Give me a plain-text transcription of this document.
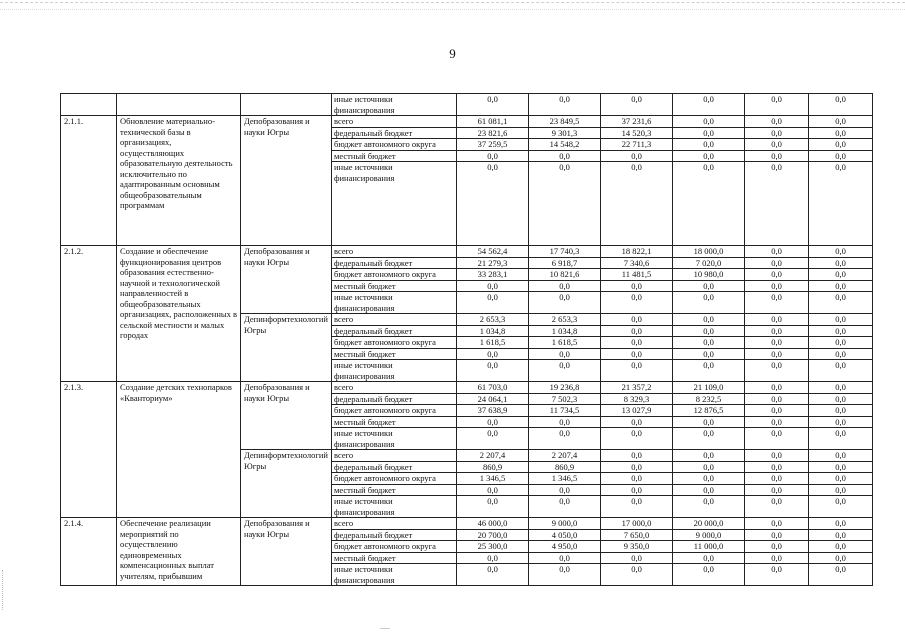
9
			иные источники финансирования	0,0	0,0	0,0	0,0	0,0	0,0
2.1.1.	Обновление материально-технической базы в организациях, осуществляющих образовательную деятельность исключительно по адаптированным основным общеобразовательным программам	Депобразования и науки Югры	всего	61 081,1	23 849,5	37 231,6	0,0	0,0	0,0
			федеральный бюджет	23 821,6	9 301,3	14 520,3	0,0	0,0	0,0
			бюджет автономного округа	37 259,5	14 548,2	22 711,3	0,0	0,0	0,0
			местный бюджет	0,0	0,0	0,0	0,0	0,0	0,0
			иные источники финансирования	0,0	0,0	0,0	0,0	0,0	0,0
2.1.2.	Создание и обеспечение функционирования центров образования естественно-научной и технологической направленностей в общеобразовательных организациях, расположенных в сельской местности и малых городах	Депобразования и науки Югры	всего	54 562,4	17 740,3	18 822,1	18 000,0	0,0	0,0
			федеральный бюджет	21 279,3	6 918,7	7 340,6	7 020,0	0,0	0,0
			бюджет автономного округа	33 283,1	10 821,6	11 481,5	10 980,0	0,0	0,0
			местный бюджет	0,0	0,0	0,0	0,0	0,0	0,0
			иные источники финансирования	0,0	0,0	0,0	0,0	0,0	0,0
		Депинформтехнологий Югры	всего	2 653,3	2 653,3	0,0	0,0	0,0	0,0
			федеральный бюджет	1 034,8	1 034,8	0,0	0,0	0,0	0,0
			бюджет автономного округа	1 618,5	1 618,5	0,0	0,0	0,0	0,0
			местный бюджет	0,0	0,0	0,0	0,0	0,0	0,0
			иные источники финансирования	0,0	0,0	0,0	0,0	0,0	0,0
2.1.3.	Создание детских технопарков «Кванториум»	Депобразования и науки Югры	всего	61 703,0	19 236,8	21 357,2	21 109,0	0,0	0,0
			федеральный бюджет	24 064,1	7 502,3	8 329,3	8 232,5	0,0	0,0
			бюджет автономного округа	37 638,9	11 734,5	13 027,9	12 876,5	0,0	0,0
			местный бюджет	0,0	0,0	0,0	0,0	0,0	0,0
			иные источники финансирования	0,0	0,0	0,0	0,0	0,0	0,0
		Депинформтехнологий Югры	всего	2 207,4	2 207,4	0,0	0,0	0,0	0,0
			федеральный бюджет	860,9	860,9	0,0	0,0	0,0	0,0
			бюджет автономного округа	1 346,5	1 346,5	0,0	0,0	0,0	0,0
			местный бюджет	0,0	0,0	0,0	0,0	0,0	0,0
			иные источники финансирования	0,0	0,0	0,0	0,0	0,0	0,0
2.1.4.	Обеспечение реализации мероприятий по осуществлению единовременных компенсационных выплат учителям, прибывшим	Депобразования и науки Югры	всего	46 000,0	9 000,0	17 000,0	20 000,0	0,0	0,0
			федеральный бюджет	20 700,0	4 050,0	7 650,0	9 000,0	0,0	0,0
			бюджет автономного округа	25 300,0	4 950,0	9 350,0	11 000,0	0,0	0,0
			местный бюджет	0,0	0,0	0,0	0,0	0,0	0,0
			иные источники финансирования	0,0	0,0	0,0	0,0	0,0	0,0
